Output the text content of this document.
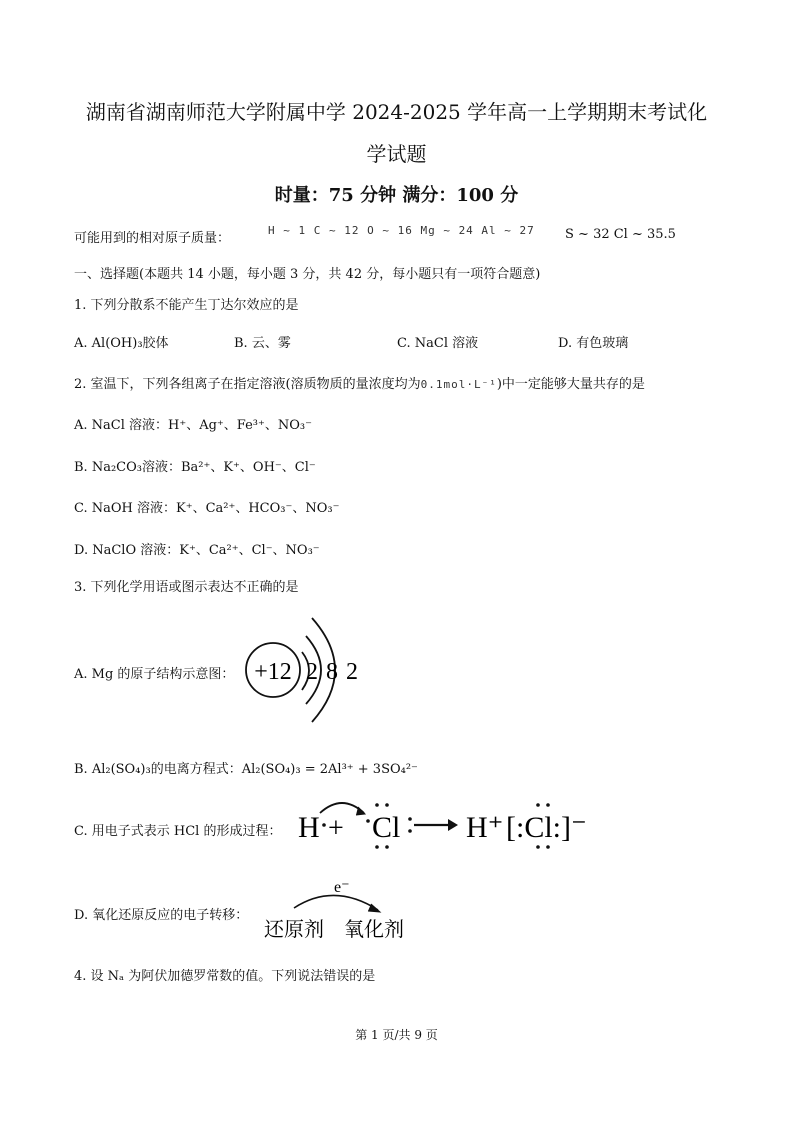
湖南省湖南师范大学附属中学 2024-2025 学年高一上学期期末考试化
学试题
时量：75 分钟 满分：100 分
可能用到的相对原子质量：
H ~ 1 C ~ 12 O ~ 16 Mg ~ 24 Al ~ 27 S ~ 32 Cl ~ 35.5
一、选择题(本题共 14 小题，每小题 3 分，共 42 分，每小题只有一项符合题意)
1. 下列分散系不能产生丁达尔效应的是
A. Al(OH)₃胶体	B. 云、雾	C. NaCl 溶液	D. 有色玻璃
2. 室温下，下列各组离子在指定溶液(溶质物质的量浓度均为0.1mol·L⁻¹)中一定能够大量共存的是
A. NaCl 溶液：H⁺、Ag⁺、Fe³⁺、NO₃⁻
B. Na₂CO₃溶液：Ba²⁺、K⁺、OH⁻、Cl⁻
C. NaOH 溶液：K⁺、Ca²⁺、HCO₃⁻、NO₃⁻
D. NaClO 溶液：K⁺、Ca²⁺、Cl⁻、NO₃⁻
3. 下列化学用语或图示表达不正确的是
A. Mg 的原子结构示意图： +12 2 8 2
B. Al₂(SO₄)₃的电离方程式：Al₂(SO₄)₃ = 2Al³⁺ + 3SO₄²⁻
C. 用电子式表示 HCl 的形成过程： H + Cl H⁺ [:Cl:]⁻
D. 氧化还原反应的电子转移：
e⁻
还原剂 氧化剂
4. 设 Nₐ 为阿伏加德罗常数的值。下列说法错误的是
第 1 页/共 9 页
